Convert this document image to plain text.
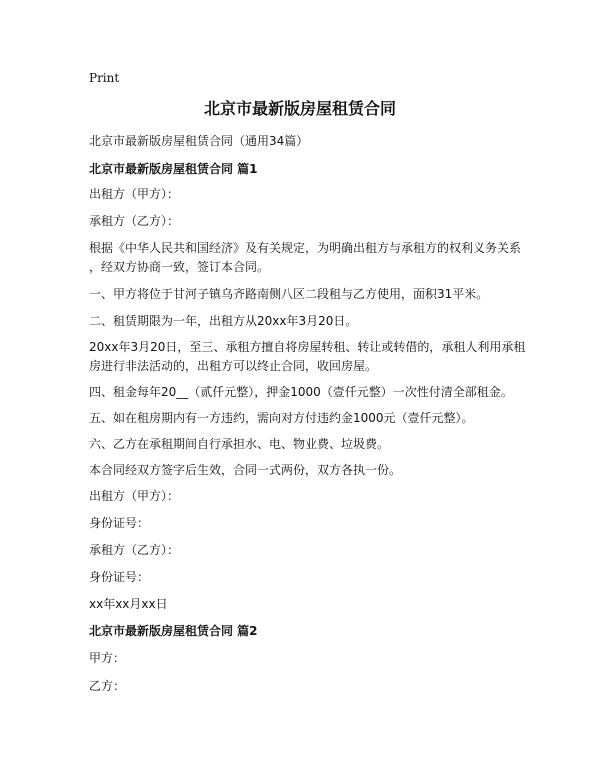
Print
北京市最新版房屋租赁合同
北京市最新版房屋租赁合同（通用34篇）
北京市最新版房屋租赁合同 篇1
出租方（甲方）：
承租方（乙方）：
根据《中华人民共和国经济》及有关规定，为明确出租方与承租方的权利义务关系
，经双方协商一致，签订本合同。
一、甲方将位于甘河子镇乌齐路南侧八区二段租与乙方使用，面积31平米。
二、租赁期限为一年，出租方从20xx年3月20日。
20xx年3月20日，至三、承租方擅自将房屋转租、转让或转借的，承租人利用承租
房进行非法活动的，出租方可以终止合同，收回房屋。
四、租金每年20__（贰仟元整），押金1000（壹仟元整）一次性付清全部租金。
五、如在租房期内有一方违约，需向对方付违约金1000元（壹仟元整）。
六、乙方在承租期间自行承担水、电、物业费、垃圾费。
本合同经双方签字后生效，合同一式两份，双方各执一份。
出租方（甲方）：
身份证号：
承租方（乙方）：
身份证号：
xx年xx月xx日
北京市最新版房屋租赁合同 篇2
甲方：
乙方：
